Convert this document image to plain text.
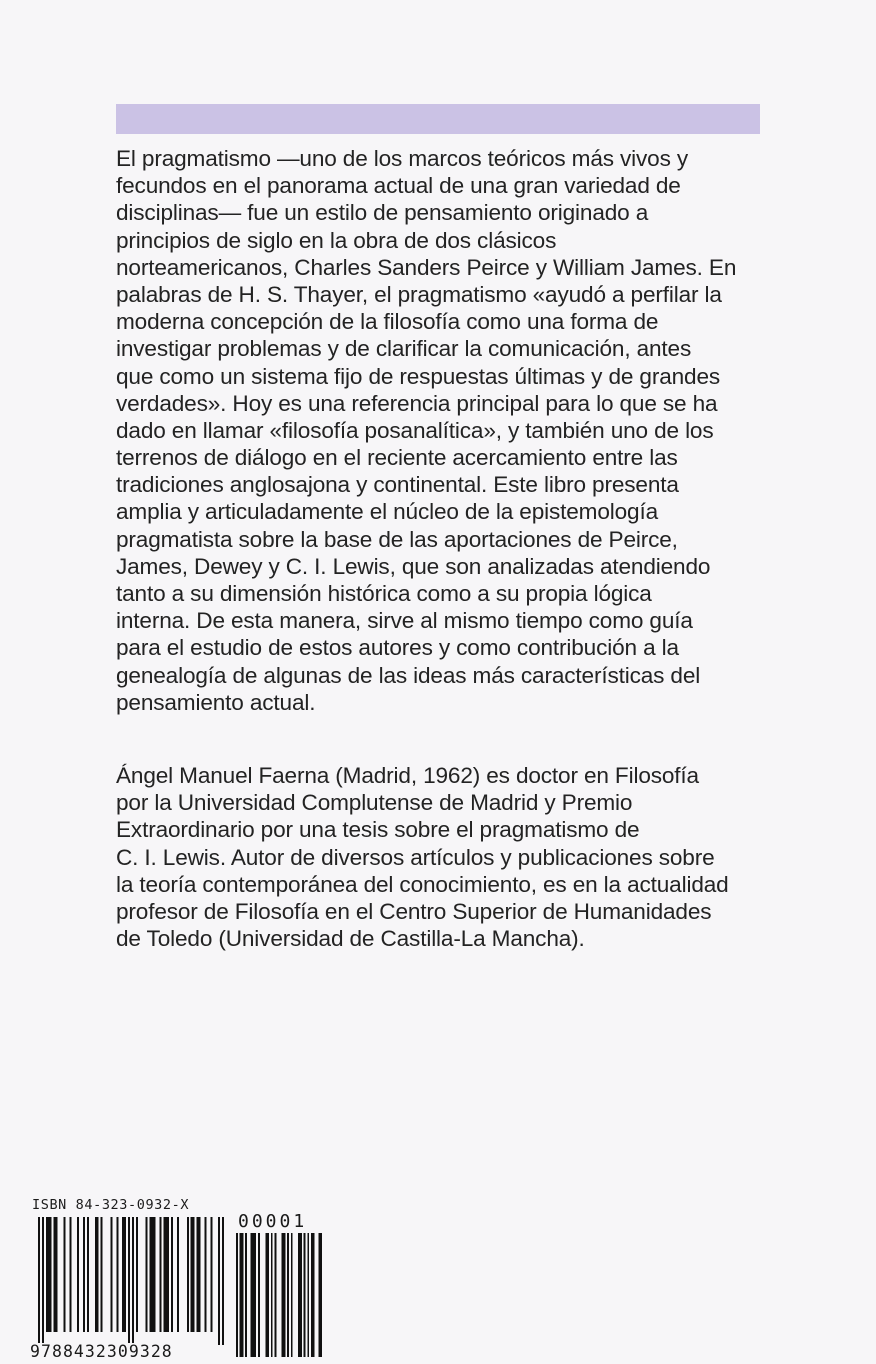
El pragmatismo —uno de los marcos teóricos más vivos y
fecundos en el panorama actual de una gran variedad de
disciplinas— fue un estilo de pensamiento originado a
principios de siglo en la obra de dos clásicos
norteamericanos, Charles Sanders Peirce y William James. En
palabras de H. S. Thayer, el pragmatismo «ayudó a perfilar la
moderna concepción de la filosofía como una forma de
investigar problemas y de clarificar la comunicación, antes
que como un sistema fijo de respuestas últimas y de grandes
verdades». Hoy es una referencia principal para lo que se ha
dado en llamar «filosofía posanalítica», y también uno de los
terrenos de diálogo en el reciente acercamiento entre las
tradiciones anglosajona y continental. Este libro presenta
amplia y articuladamente el núcleo de la epistemología
pragmatista sobre la base de las aportaciones de Peirce,
James, Dewey y C. I. Lewis, que son analizadas atendiendo
tanto a su dimensión histórica como a su propia lógica
interna. De esta manera, sirve al mismo tiempo como guía
para el estudio de estos autores y como contribución a la
genealogía de algunas de las ideas más características del
pensamiento actual.
Ángel Manuel Faerna (Madrid, 1962) es doctor en Filosofía
por la Universidad Complutense de Madrid y Premio
Extraordinario por una tesis sobre el pragmatismo de
C. I. Lewis. Autor de diversos artículos y publicaciones sobre
la teoría contemporánea del conocimiento, es en la actualidad
profesor de Filosofía en el Centro Superior de Humanidades
de Toledo (Universidad de Castilla-La Mancha).
ISBN 84-323-0932-X
00001
9788432309328
